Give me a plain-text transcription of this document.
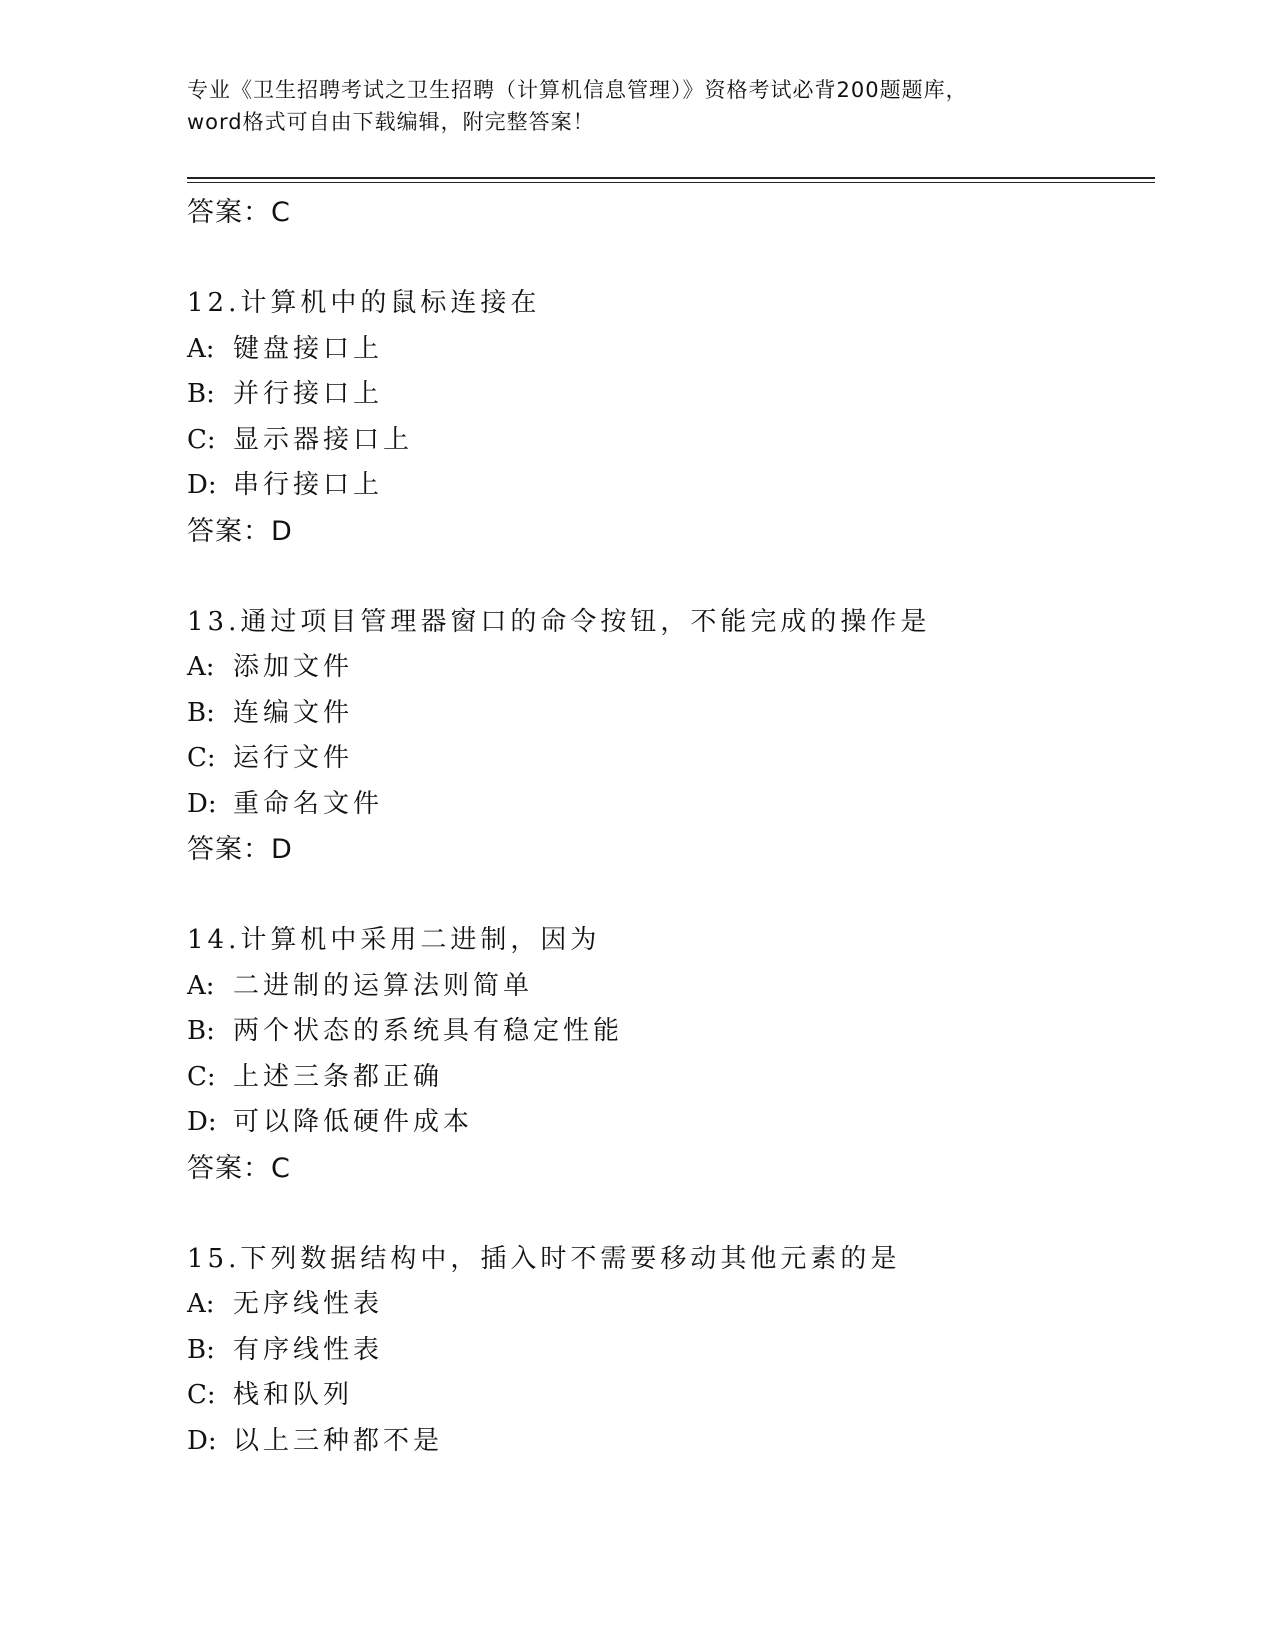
专业《卫生招聘考试之卫生招聘（计算机信息管理）》资格考试必背200题题库，
word格式可自由下载编辑，附完整答案！
答案：C
12.计算机中的鼠标连接在
A: 键盘接口上
B: 并行接口上
C: 显示器接口上
D: 串行接口上
答案：D
13.通过项目管理器窗口的命令按钮，不能完成的操作是
A: 添加文件
B: 连编文件
C: 运行文件
D: 重命名文件
答案：D
14.计算机中采用二进制，因为
A: 二进制的运算法则简单
B: 两个状态的系统具有稳定性能
C: 上述三条都正确
D: 可以降低硬件成本
答案：C
15.下列数据结构中，插入时不需要移动其他元素的是
A: 无序线性表
B: 有序线性表
C: 栈和队列
D: 以上三种都不是
